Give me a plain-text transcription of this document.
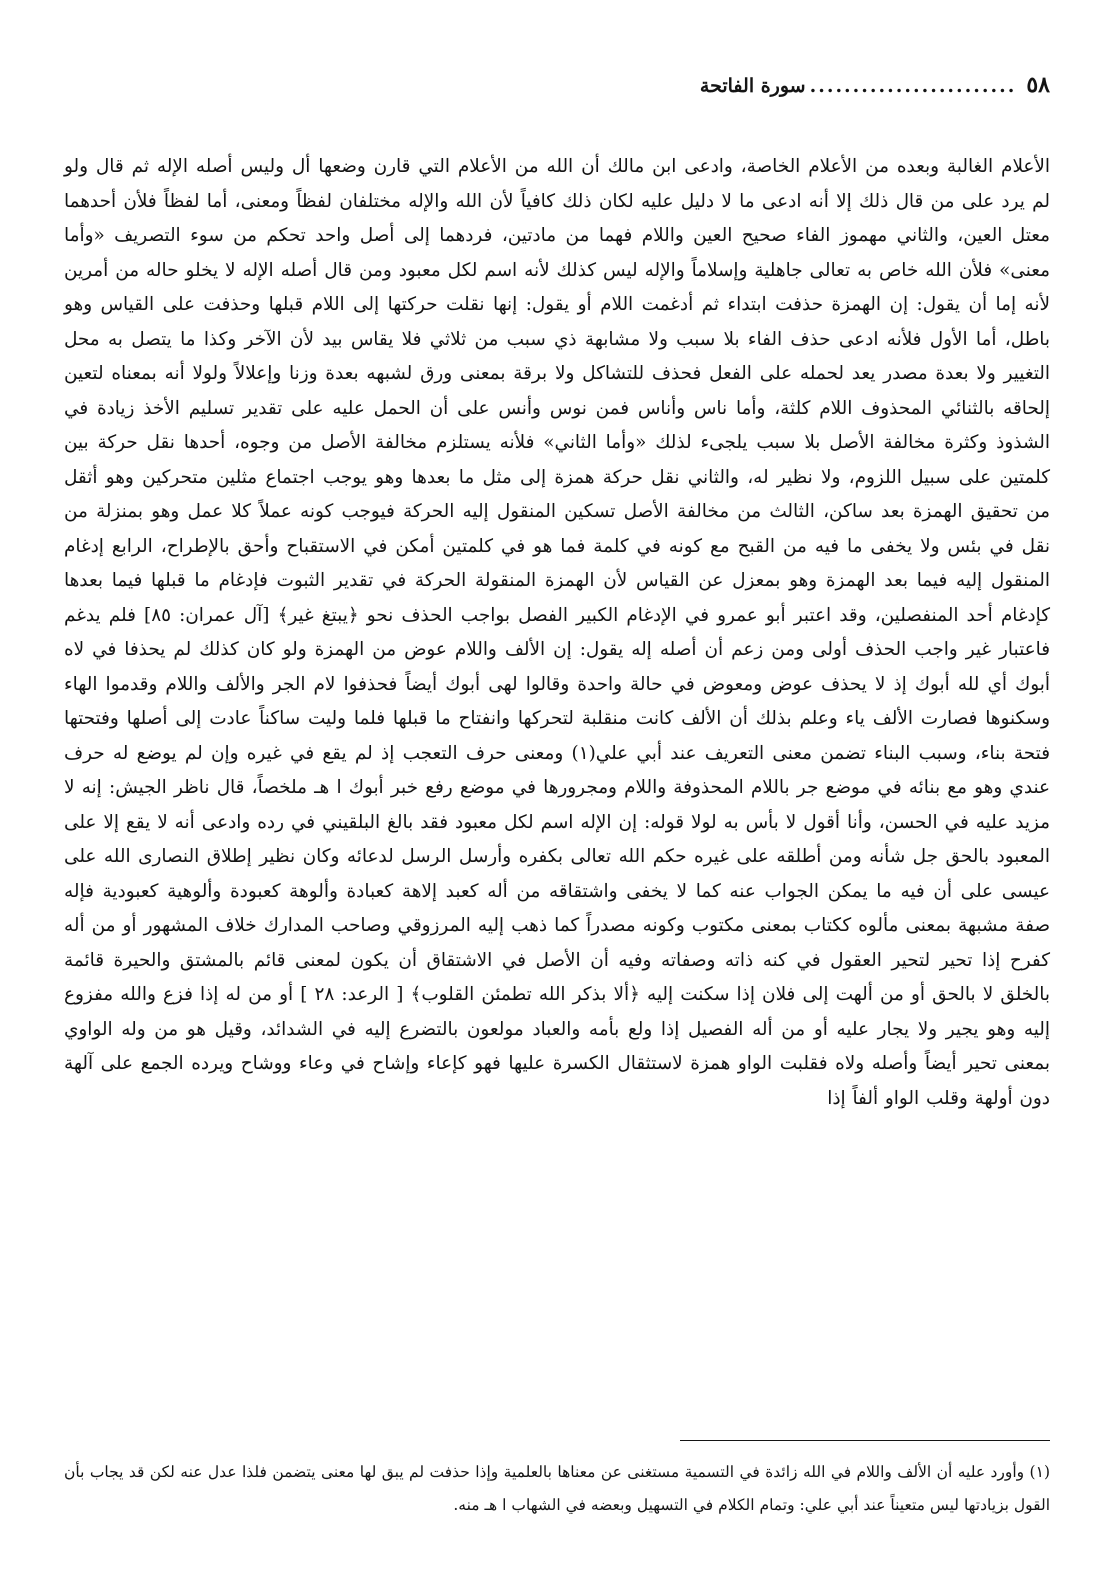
٥٨
........................
سورة الفاتحة

الأعلام الغالبة وبعده من الأعلام الخاصة، وادعى ابن مالك أن الله من الأعلام التي قارن وضعها أل وليس أصله الإله ثم قال ولو لم يرد على من قال ذلك إلا أنه ادعى ما لا دليل عليه لكان ذلك كافياً لأن الله والإله مختلفان لفظاً ومعنى، أما لفظاً فلأن أحدهما معتل العين، والثاني مهموز الفاء صحيح العين واللام فهما من مادتين، فردهما إلى أصل واحد تحكم من سوء التصريف «وأما معنى» فلأن الله خاص به تعالى جاهلية وإسلاماً والإله ليس كذلك لأنه اسم لكل معبود ومن قال أصله الإله لا يخلو حاله من أمرين لأنه إما أن يقول: إن الهمزة حذفت ابتداء ثم أدغمت اللام أو يقول: إنها نقلت حركتها إلى اللام قبلها وحذفت على القياس وهو باطل، أما الأول فلأنه ادعى حذف الفاء بلا سبب ولا مشابهة ذي سبب من ثلاثي فلا يقاس بيد لأن الآخر وكذا ما يتصل به محل التغيير ولا بعدة مصدر يعد لحمله على الفعل فحذف للتشاكل ولا برقة بمعنى ورق لشبهه بعدة وزنا وإعلالاً ولولا أنه بمعناه لتعين إلحاقه بالثنائي المحذوف اللام كلثة، وأما ناس وأناس فمن نوس وأنس على أن الحمل عليه على تقدير تسليم الأخذ زيادة في الشذوذ وكثرة مخالفة الأصل بلا سبب يلجىء لذلك «وأما الثاني» فلأنه يستلزم مخالفة الأصل من وجوه، أحدها نقل حركة بين كلمتين على سبيل اللزوم، ولا نظير له، والثاني نقل حركة همزة إلى مثل ما بعدها وهو يوجب اجتماع مثلين متحركين وهو أثقل من تحقيق الهمزة بعد ساكن، الثالث من مخالفة الأصل تسكين المنقول إليه الحركة فيوجب كونه عملاً كلا عمل وهو بمنزلة من نقل في بئس ولا يخفى ما فيه من القبح مع كونه في كلمة فما هو في كلمتين أمكن في الاستقباح وأحق بالإطراح، الرابع إدغام المنقول إليه فيما بعد الهمزة وهو بمعزل عن القياس لأن الهمزة المنقولة الحركة في تقدير الثبوت فإدغام ما قبلها فيما بعدها كإدغام أحد المنفصلين، وقد اعتبر أبو عمرو في الإدغام الكبير الفصل بواجب الحذف نحو ﴿يبتغ غير﴾ [آل عمران: ٨٥] فلم يدغم فاعتبار غير واجب الحذف أولى ومن زعم أن أصله إله يقول: إن الألف واللام عوض من الهمزة ولو كان كذلك لم يحذفا في لاه أبوك أي لله أبوك إذ لا يحذف عوض ومعوض في حالة واحدة وقالوا لهى أبوك أيضاً فحذفوا لام الجر والألف واللام وقدموا الهاء وسكنوها فصارت الألف ياء وعلم بذلك أن الألف كانت منقلبة لتحركها وانفتاح ما قبلها فلما وليت ساكناً عادت إلى أصلها وفتحتها فتحة بناء، وسبب البناء تضمن معنى التعريف عند أبي علي(١) ومعنى حرف التعجب إذ لم يقع في غيره وإن لم يوضع له حرف عندي وهو مع بنائه في موضع جر باللام المحذوفة واللام ومجرورها في موضع رفع خبر أبوك ا هـ ملخصاً، قال ناظر الجيش: إنه لا مزيد عليه في الحسن، وأنا أقول لا بأس به لولا قوله: إن الإله اسم لكل معبود فقد بالغ البلقيني في رده وادعى أنه لا يقع إلا على المعبود بالحق جل شأنه ومن أطلقه على غيره حكم الله تعالى بكفره وأرسل الرسل لدعائه وكان نظير إطلاق النصارى الله على عيسى على أن فيه ما يمكن الجواب عنه كما لا يخفى واشتقاقه من أله كعبد إلاهة كعبادة وألوهة كعبودة وألوهية كعبودية فإله صفة مشبهة بمعنى مألوه ككتاب بمعنى مكتوب وكونه مصدراً كما ذهب إليه المرزوقي وصاحب المدارك خلاف المشهور أو من أله كفرح إذا تحير لتحير العقول في كنه ذاته وصفاته وفيه أن الأصل في الاشتقاق أن يكون لمعنى قائم بالمشتق والحيرة قائمة بالخلق لا بالحق أو من ألهت إلى فلان إذا سكنت إليه ﴿ألا بذكر الله تطمئن القلوب﴾ [ الرعد: ٢٨ ] أو من له إذا فزع والله مفزوع إليه وهو يجير ولا يجار عليه أو من أله الفصيل إذا ولع بأمه والعباد مولعون بالتضرع إليه في الشدائد، وقيل هو من وله الواوي بمعنى تحير أيضاً وأصله ولاه فقلبت الواو همزة لاستثقال الكسرة عليها فهو كإعاء وإشاح في وعاء ووشاح ويرده الجمع على آلهة دون أولهة وقلب الواو ألفاً إذا

(١) وأورد عليه أن الألف واللام في الله زائدة في التسمية مستغنى عن معناها بالعلمية وإذا حذفت لم يبق لها معنى يتضمن فلذا عدل عنه لكن قد يجاب بأن القول بزيادتها ليس متعيناً عند أبي علي: وتمام الكلام في التسهيل وبعضه في الشهاب ا هـ منه.
